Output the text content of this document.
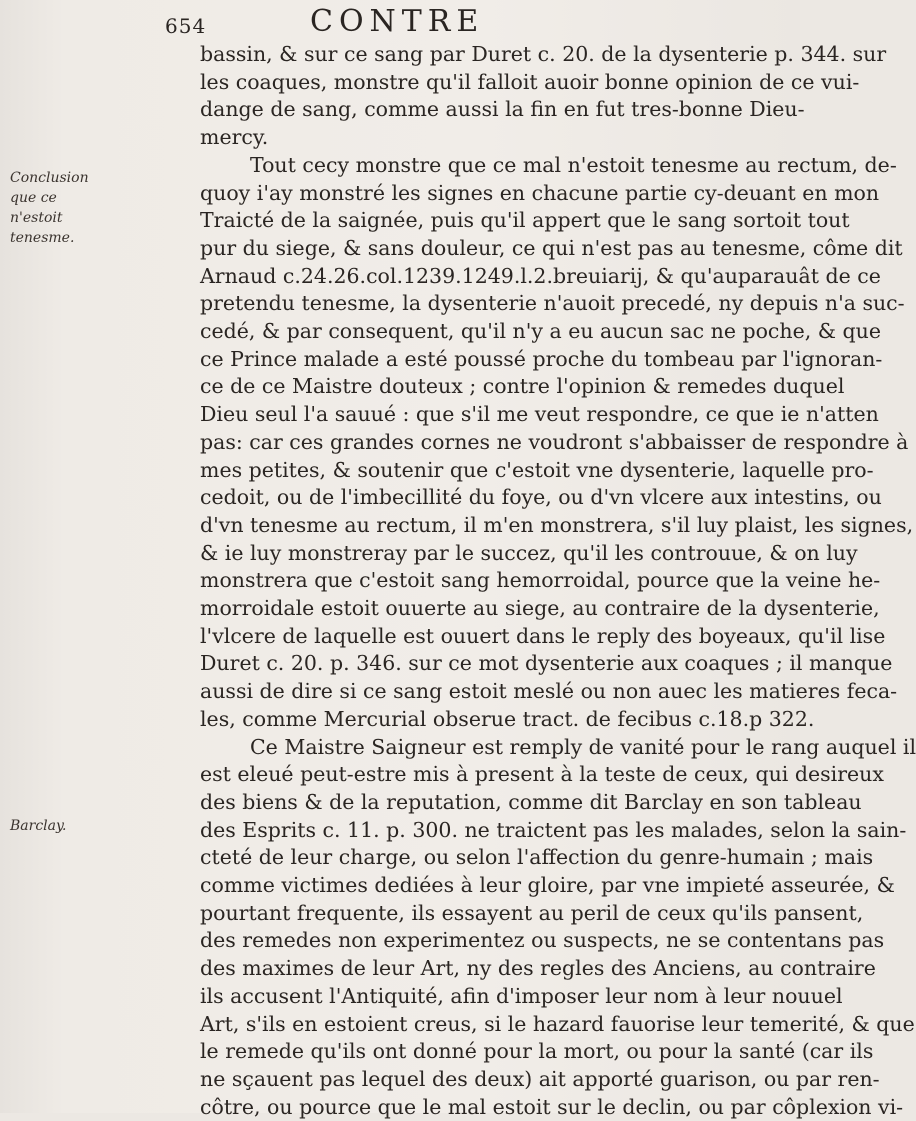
654	CONTRE
Conclusion que ce n'estoit tenesme.
Barclay.
bassin, & sur ce sang par Duret c. 20. de la dysenterie p. 344. sur
les coaques, monstre qu'il falloit auoir bonne opinion de ce vui-
dange de sang, comme aussi la fin en fut tres-bonne Dieu-
mercy.
Tout cecy monstre que ce mal n'estoit tenesme au rectum, de-
quoy i'ay monstré les signes en chacune partie cy-deuant en mon
Traicté de la saignée, puis qu'il appert que le sang sortoit tout
pur du siege, & sans douleur, ce qui n'est pas au tenesme, côme dit
Arnaud c.24.26.col.1239.1249.l.2.breuiarij, & qu'auparauât de ce
pretendu tenesme, la dysenterie n'auoit precedé, ny depuis n'a suc-
cedé, & par consequent, qu'il n'y a eu aucun sac ne poche, & que
ce Prince malade a esté poussé proche du tombeau par l'ignoran-
ce de ce Maistre douteux ; contre l'opinion & remedes duquel
Dieu seul l'a sauué : que s'il me veut respondre, ce que ie n'atten
pas: car ces grandes cornes ne voudront s'abbaisser de respondre à
mes petites, & soutenir que c'estoit vne dysenterie, laquelle pro-
cedoit, ou de l'imbecillité du foye, ou d'vn vlcere aux intestins, ou
d'vn tenesme au rectum, il m'en monstrera, s'il luy plaist, les signes,
& ie luy monstreray par le succez, qu'il les controuue, & on luy
monstrera que c'estoit sang hemorroidal, pource que la veine he-
morroidale estoit ouuerte au siege, au contraire de la dysenterie,
l'vlcere de laquelle est ouuert dans le reply des boyeaux, qu'il lise
Duret c. 20. p. 346. sur ce mot dysenterie aux coaques ; il manque
aussi de dire si ce sang estoit meslé ou non auec les matieres feca-
les, comme Mercurial obserue tract. de fecibus c.18.p 322.
Ce Maistre Saigneur est remply de vanité pour le rang auquel il
est eleué peut-estre mis à present à la teste de ceux, qui desireux
des biens & de la reputation, comme dit Barclay en son tableau
des Esprits c. 11. p. 300. ne traictent pas les malades, selon la sain-
cteté de leur charge, ou selon l'affection du genre-humain ; mais
comme victimes dediées à leur gloire, par vne impieté asseurée, &
pourtant frequente, ils essayent au peril de ceux qu'ils pansent,
des remedes non experimentez ou suspects, ne se contentans pas
des maximes de leur Art, ny des regles des Anciens, au contraire
ils accusent l'Antiquité, afin d'imposer leur nom à leur nouuel
Art, s'ils en estoient creus, si le hazard fauorise leur temerité, & que
le remede qu'ils ont donné pour la mort, ou pour la santé (car ils
ne sçauent pas lequel des deux) ait apporté guarison, ou par ren-
côtre, ou pource que le mal estoit sur le declin, ou par côplexion vi-
